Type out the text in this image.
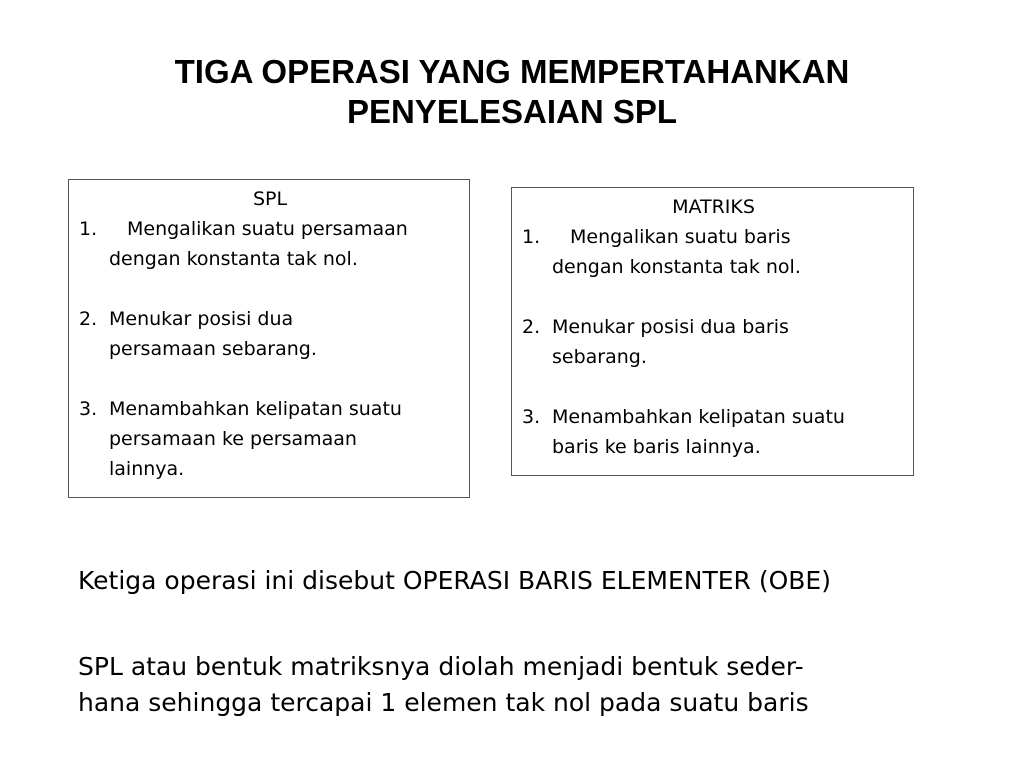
TIGA OPERASI YANG MEMPERTAHANKAN
PENYELESAIAN SPL
SPL
1.	Mengalikan suatu persamaan
dengan konstanta tak nol.
2. Menukar posisi dua
persamaan sebarang.
3. Menambahkan kelipatan suatu
persamaan ke persamaan
lainnya.
MATRIKS
1.	Mengalikan suatu baris
dengan konstanta tak nol.
2. Menukar posisi dua baris
sebarang.
3. Menambahkan kelipatan suatu
baris ke baris lainnya.
Ketiga operasi ini disebut OPERASI BARIS ELEMENTER (OBE)
SPL atau bentuk matriksnya diolah menjadi bentuk seder-
hana sehingga tercapai 1 elemen tak nol pada suatu baris
